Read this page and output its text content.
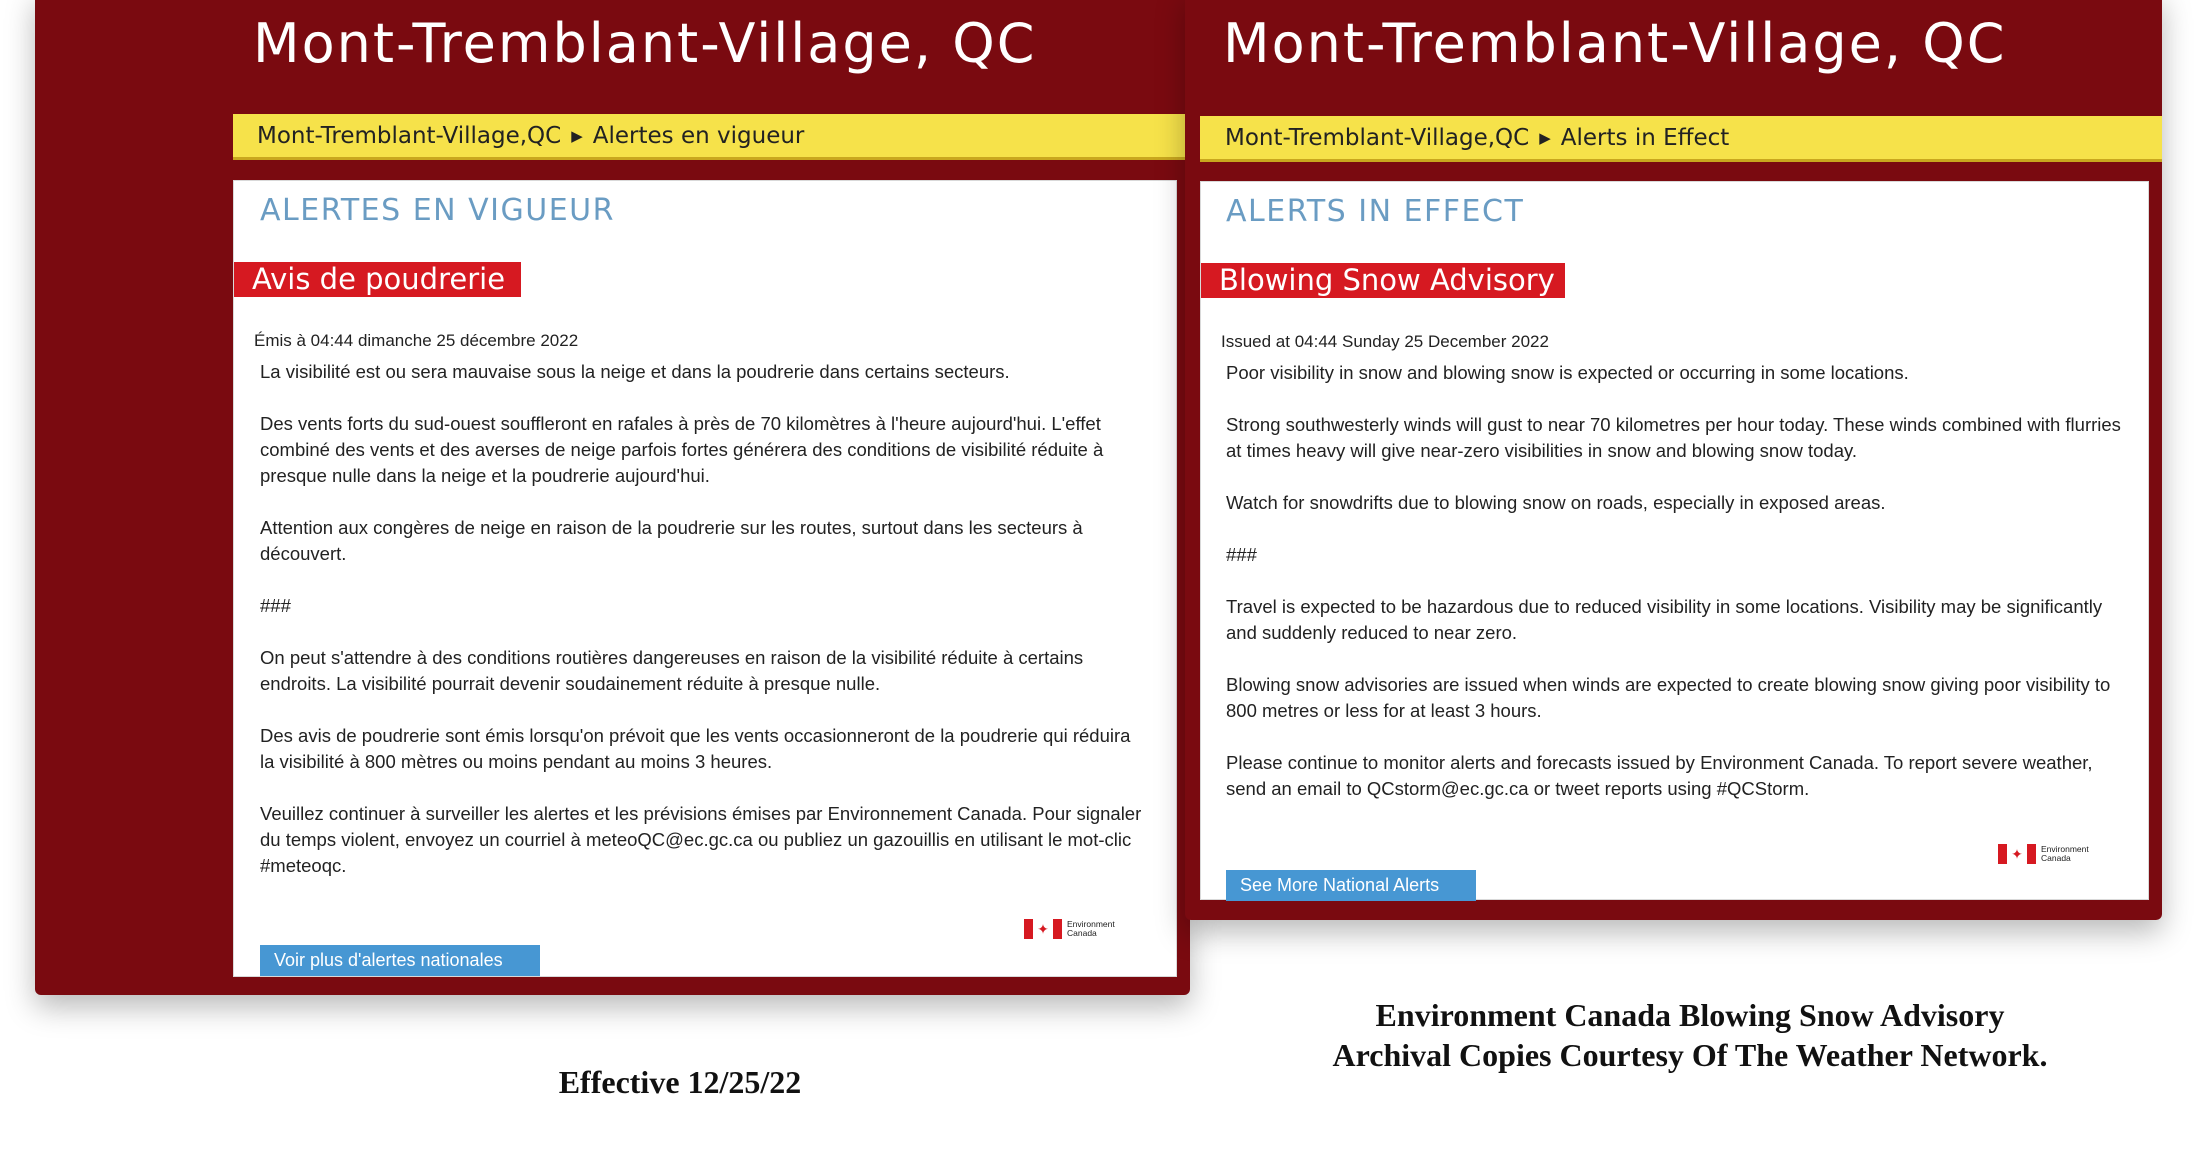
Mont-Tremblant-Village, QC
Mont-Tremblant-Village,QC ▶ Alertes en vigueur
ALERTES EN VIGUEUR
Avis de poudrerie
Émis à 04:44 dimanche 25 décembre 2022

La visibilité est ou sera mauvaise sous la neige et dans la poudrerie dans certains secteurs.

Des vents forts du sud-ouest souffleront en rafales à près de 70 kilomètres à l'heure aujourd'hui. L'effet combiné des vents et des averses de neige parfois fortes générera des conditions de visibilité réduite à presque nulle dans la neige et la poudrerie aujourd'hui.

Attention aux congères de neige en raison de la poudrerie sur les routes, surtout dans les secteurs à découvert.

###

On peut s'attendre à des conditions routières dangereuses en raison de la visibilité réduite à certains endroits. La visibilité pourrait devenir soudainement réduite à presque nulle.

Des avis de poudrerie sont émis lorsqu'on prévoit que les vents occasionneront de la poudrerie qui réduira la visibilité à 800 mètres ou moins pendant au moins 3 heures.

Veuillez continuer à surveiller les alertes et les prévisions émises par Environnement Canada. Pour signaler du temps violent, envoyez un courriel à meteoQC@ec.gc.ca ou publiez un gazouillis en utilisant le mot-clic #meteoqc.

✦	Environment
Canada
Voir plus d'alertes nationales
Mont-Tremblant-Village, QC
Mont-Tremblant-Village,QC ▶ Alerts in Effect
ALERTS IN EFFECT
Blowing Snow Advisory
Issued at 04:44 Sunday 25 December 2022

Poor visibility in snow and blowing snow is expected or occurring in some locations.

Strong southwesterly winds will gust to near 70 kilometres per hour today. These winds combined with flurries at times heavy will give near-zero visibilities in snow and blowing snow today.

Watch for snowdrifts due to blowing snow on roads, especially in exposed areas.

###

Travel is expected to be hazardous due to reduced visibility in some locations. Visibility may be significantly and suddenly reduced to near zero.

Blowing snow advisories are issued when winds are expected to create blowing snow giving poor visibility to 800 metres or less for at least 3 hours.

Please continue to monitor alerts and forecasts issued by Environment Canada. To report severe weather, send an email to QCstorm@ec.gc.ca or tweet reports using #QCStorm.

✦	Environment
Canada
See More National Alerts
Effective 12/25/22
Environment Canada Blowing Snow Advisory
Archival Copies Courtesy Of The Weather Network.
